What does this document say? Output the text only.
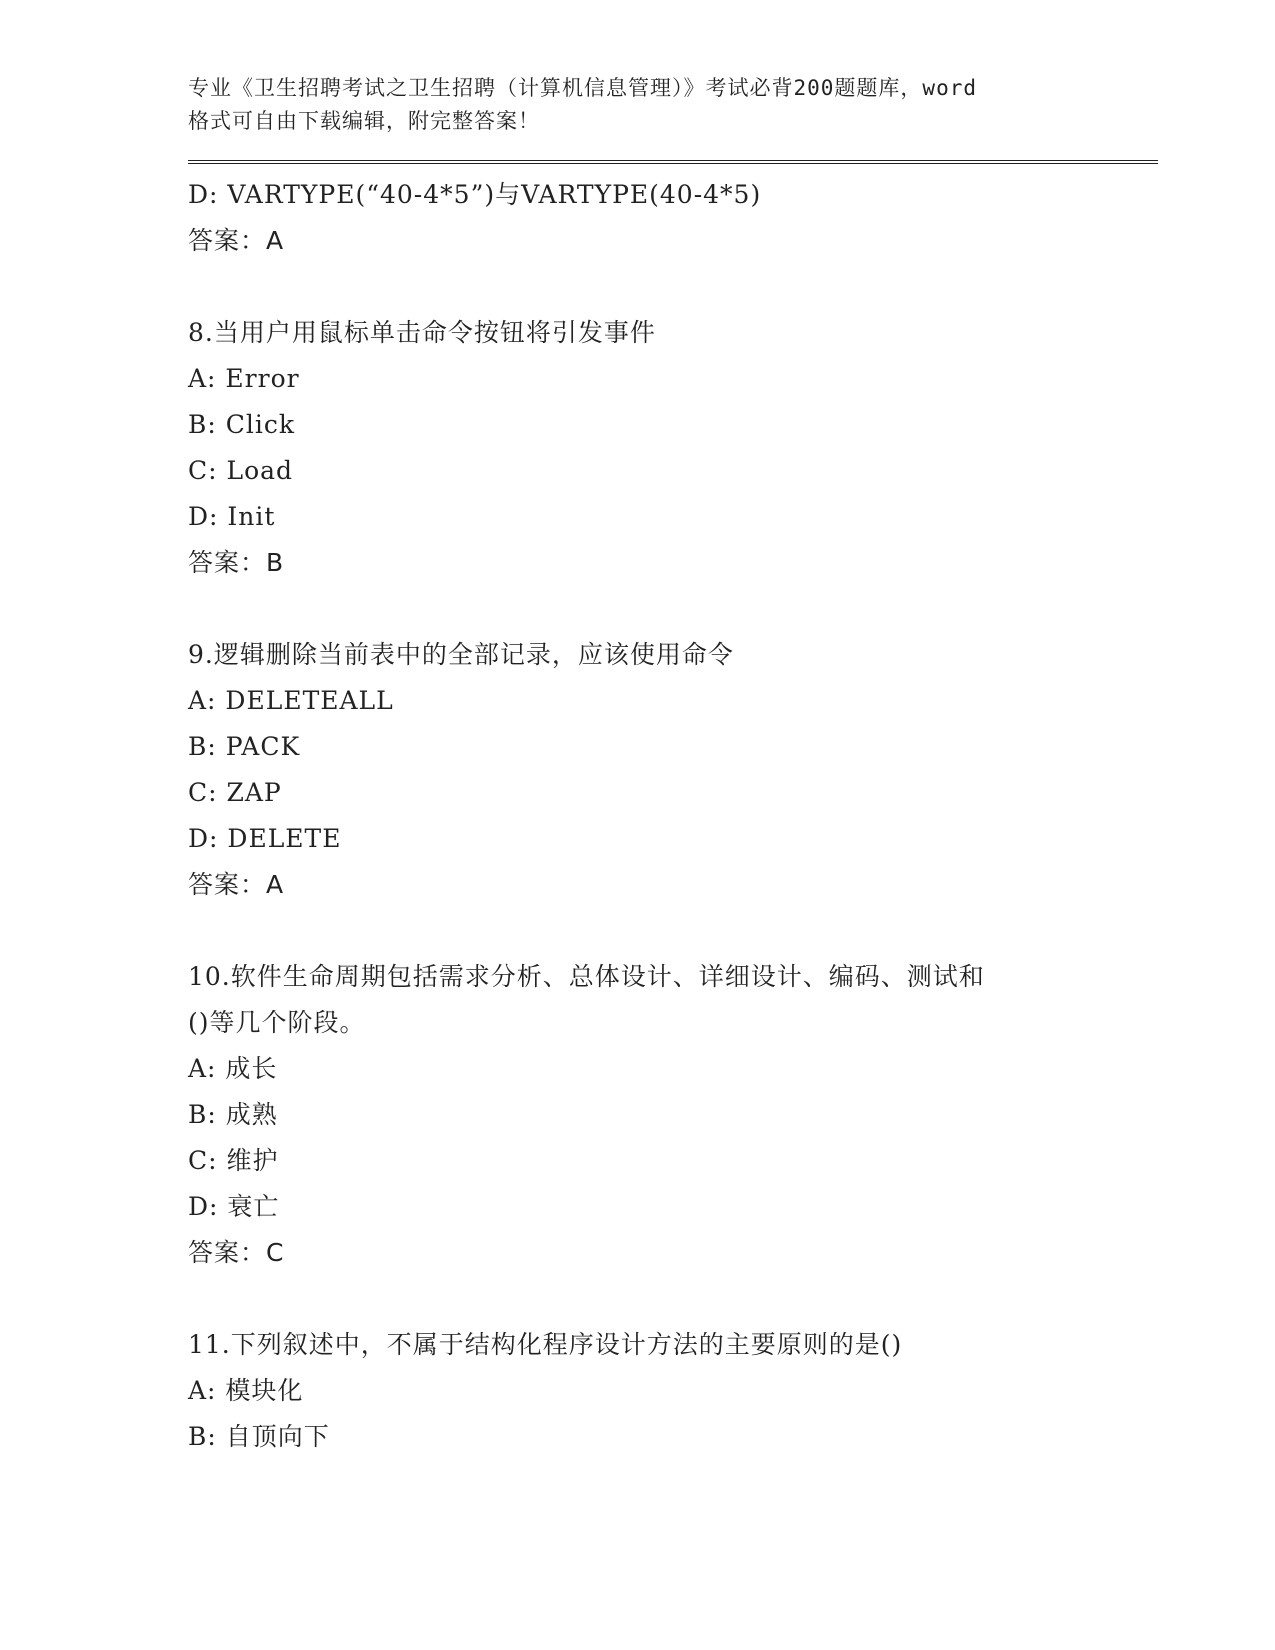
专业《卫生招聘考试之卫生招聘（计算机信息管理）》考试必背200题题库，word
格式可自由下载编辑，附完整答案！
D: VARTYPE(“40-4*5”)与VARTYPE(40-4*5)
答案：A
8.当用户用鼠标单击命令按钮将引发事件
A: Error
B: Click
C: Load
D: Init
答案：B
9.逻辑删除当前表中的全部记录，应该使用命令
A: DELETEALL
B: PACK
C: ZAP
D: DELETE
答案：A
10.软件生命周期包括需求分析、总体设计、详细设计、编码、测试和
()等几个阶段。
A: 成长
B: 成熟
C: 维护
D: 衰亡
答案：C
11.下列叙述中，不属于结构化程序设计方法的主要原则的是()
A: 模块化
B: 自顶向下
